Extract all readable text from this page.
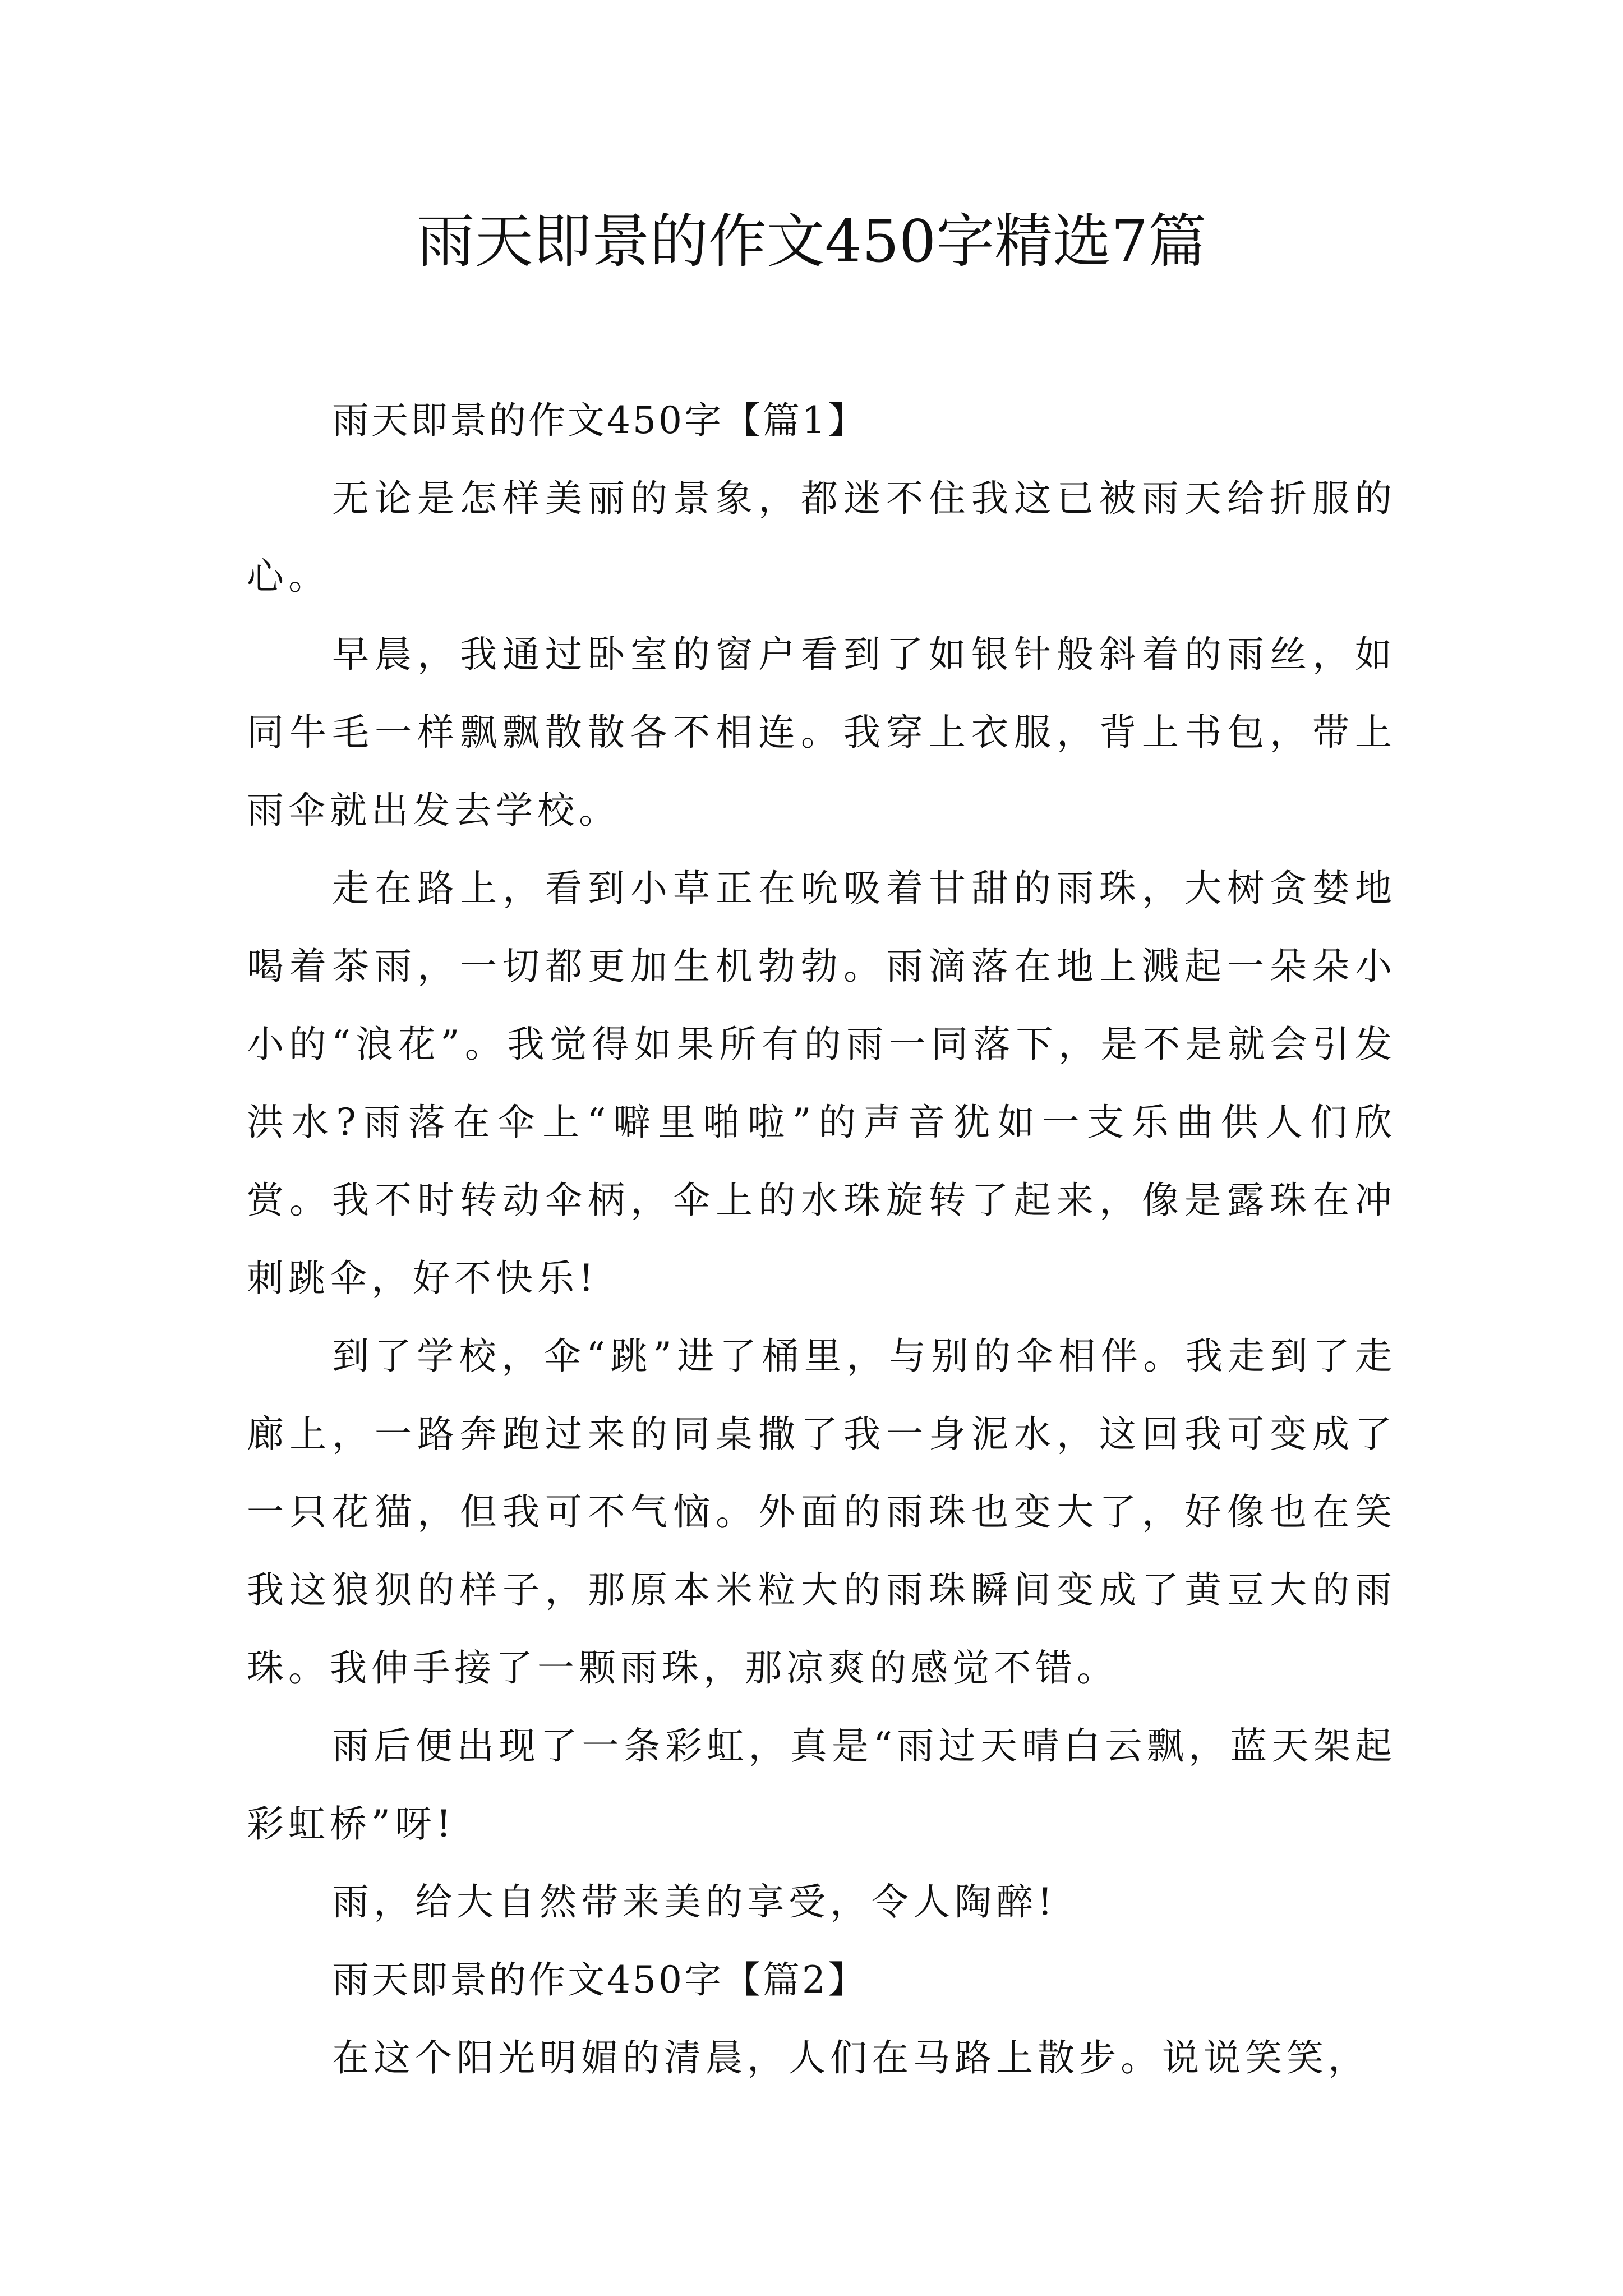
雨天即景的作文450字精选7篇

雨天即景的作文450字【篇1】

无论是怎样美丽的景象，都迷不住我这已被雨天给折服的心。

早晨，我通过卧室的窗户看到了如银针般斜着的雨丝，如同牛毛一样飘飘散散各不相连。我穿上衣服，背上书包，带上雨伞就出发去学校。

走在路上，看到小草正在吮吸着甘甜的雨珠，大树贪婪地喝着茶雨，一切都更加生机勃勃。雨滴落在地上溅起一朵朵小小的“浪花”。我觉得如果所有的雨一同落下，是不是就会引发洪水?雨落在伞上“噼里啪啦”的声音犹如一支乐曲供人们欣赏。我不时转动伞柄，伞上的水珠旋转了起来，像是露珠在冲刺跳伞，好不快乐!

到了学校，伞“跳”进了桶里，与别的伞相伴。我走到了走廊上，一路奔跑过来的同桌撒了我一身泥水，这回我可变成了一只花猫，但我可不气恼。外面的雨珠也变大了，好像也在笑我这狼狈的样子，那原本米粒大的雨珠瞬间变成了黄豆大的雨珠。我伸手接了一颗雨珠，那凉爽的感觉不错。

雨后便出现了一条彩虹，真是“雨过天晴白云飘，蓝天架起彩虹桥”呀!

雨，给大自然带来美的享受，令人陶醉!

雨天即景的作文450字【篇2】

在这个阳光明媚的清晨，人们在马路上散步。说说笑笑，
